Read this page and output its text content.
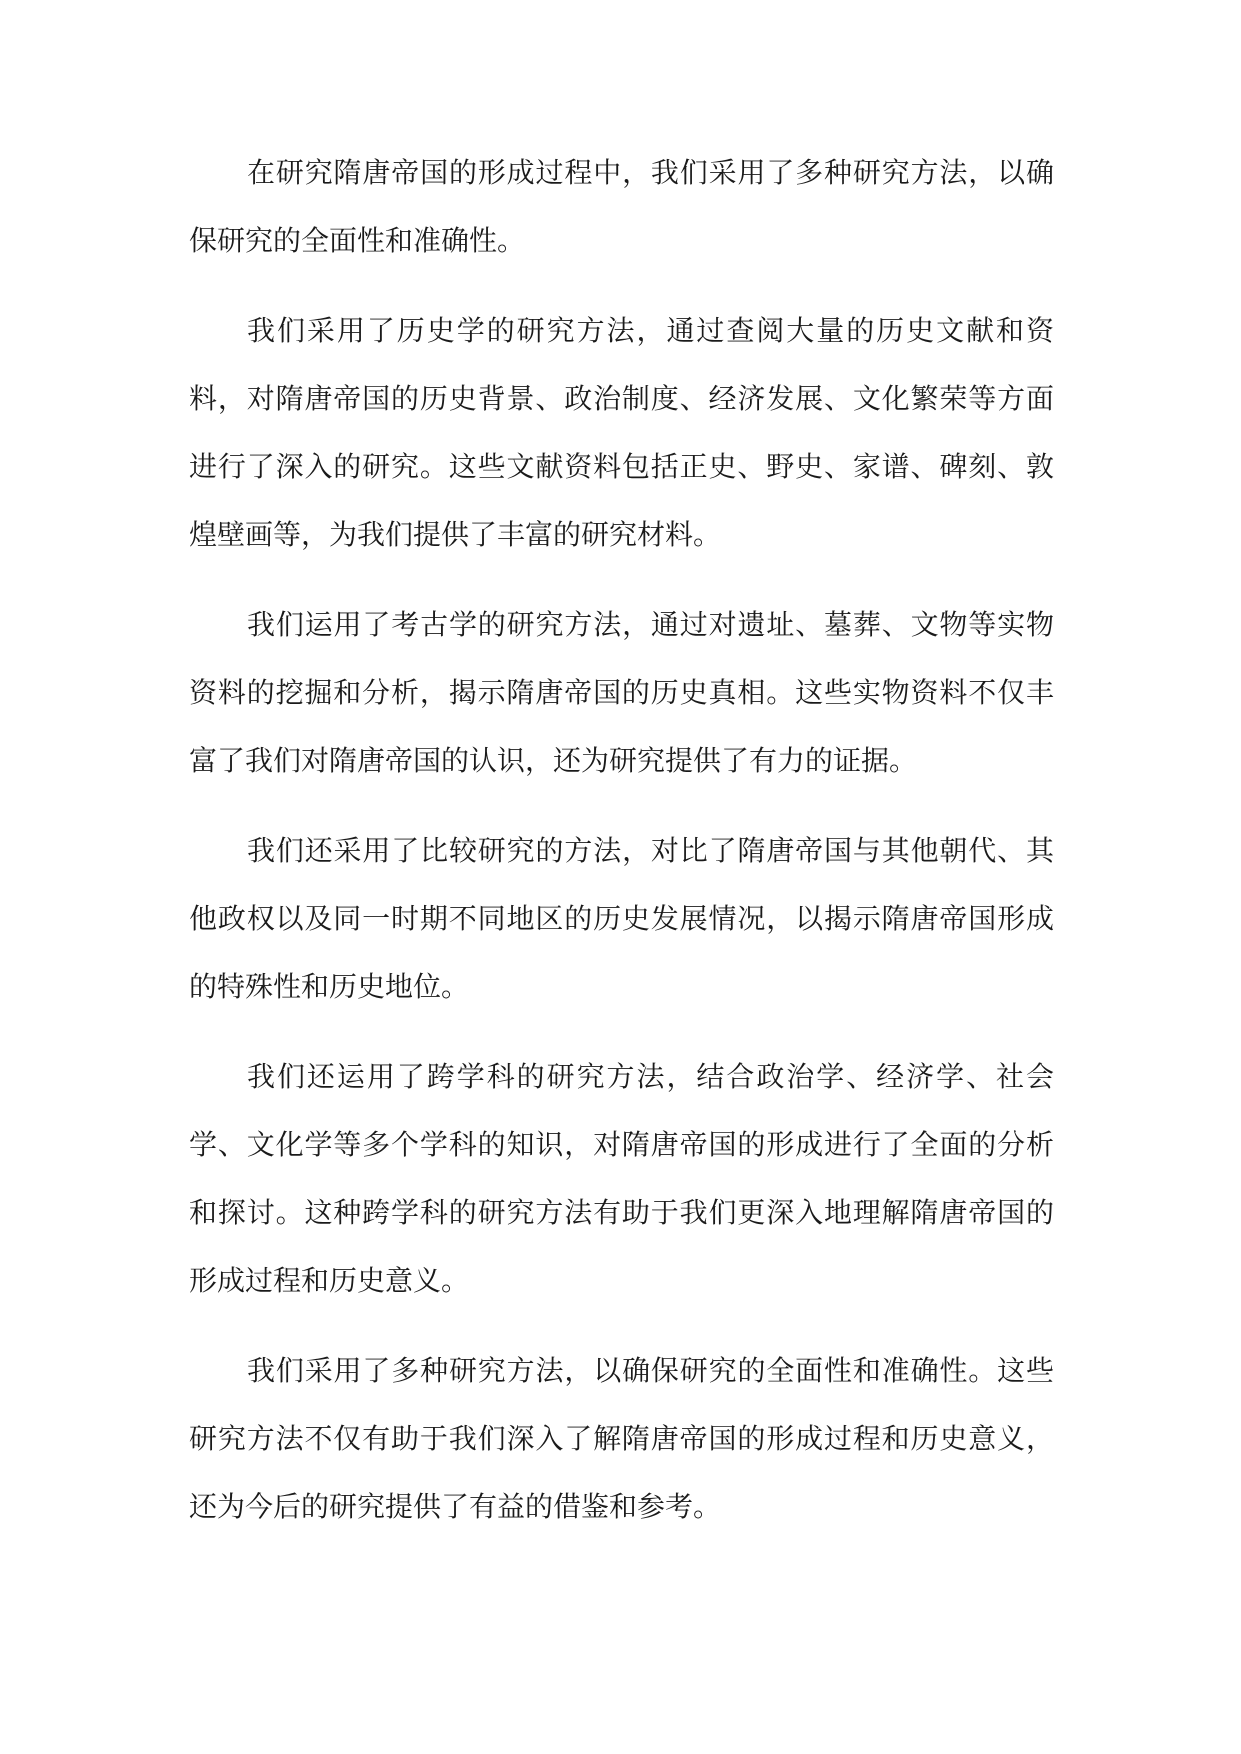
在研究隋唐帝国的形成过程中，我们采用了多种研究方法，以确保研究的全面性和准确性。

我们采用了历史学的研究方法，通过查阅大量的历史文献和资料，对隋唐帝国的历史背景、政治制度、经济发展、文化繁荣等方面进行了深入的研究。这些文献资料包括正史、野史、家谱、碑刻、敦煌壁画等，为我们提供了丰富的研究材料。

我们运用了考古学的研究方法，通过对遗址、墓葬、文物等实物资料的挖掘和分析，揭示隋唐帝国的历史真相。这些实物资料不仅丰富了我们对隋唐帝国的认识，还为研究提供了有力的证据。

我们还采用了比较研究的方法，对比了隋唐帝国与其他朝代、其他政权以及同一时期不同地区的历史发展情况，以揭示隋唐帝国形成的特殊性和历史地位。

我们还运用了跨学科的研究方法，结合政治学、经济学、社会学、文化学等多个学科的知识，对隋唐帝国的形成进行了全面的分析和探讨。这种跨学科的研究方法有助于我们更深入地理解隋唐帝国的形成过程和历史意义。

我们采用了多种研究方法，以确保研究的全面性和准确性。这些研究方法不仅有助于我们深入了解隋唐帝国的形成过程和历史意义，还为今后的研究提供了有益的借鉴和参考。
